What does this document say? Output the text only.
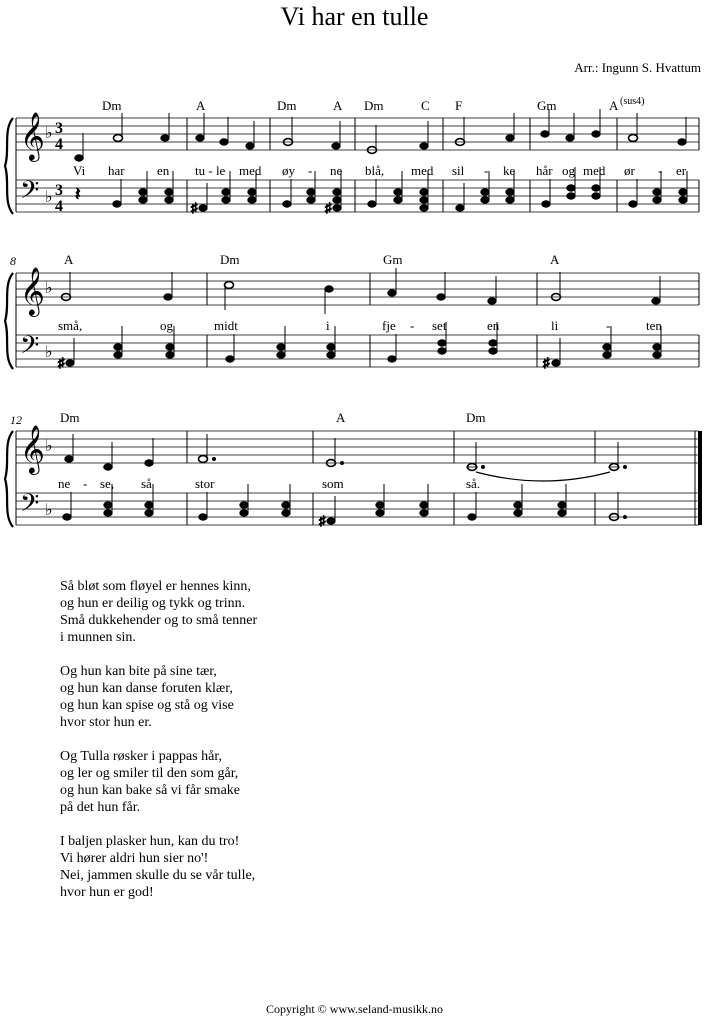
Vi har en tulle
Arr.: Ingunn S. Hvattum
𝄞
𝄢
♭
♭
3
4
3
4
Dm	A	Dm	A Dm	C F	Gm	A (sus4)
𝄽
♯	♯
Vi har en tu - le med øy - ne blå, med sil - ke hår og med ør - er
8
𝄞
𝄢
♭
♭
A	Dm	Gm	A
♯	♯
små,	og	midt	i	fje - set	en	li	-	ten
12
𝄞
𝄢
♭
♭
Dm	A	Dm
♯
ne - se, så	stor	som	så.
Så bløt som fløyel er hennes kinn,
og hun er deilig og tykk og trinn.
Små dukkehender og to små tenner
i munnen sin.
Og hun kan bite på sine tær,
og hun kan danse foruten klær,
og hun kan spise og stå og vise
hvor stor hun er.
Og Tulla røsker i pappas hår,
og ler og smiler til den som går,
og hun kan bake så vi får smake
på det hun får.
I baljen plasker hun, kan du tro!
Vi hører aldri hun sier no'!
Nei, jammen skulle du se vår tulle,
hvor hun er god!
Copyright © www.seland-musikk.no
